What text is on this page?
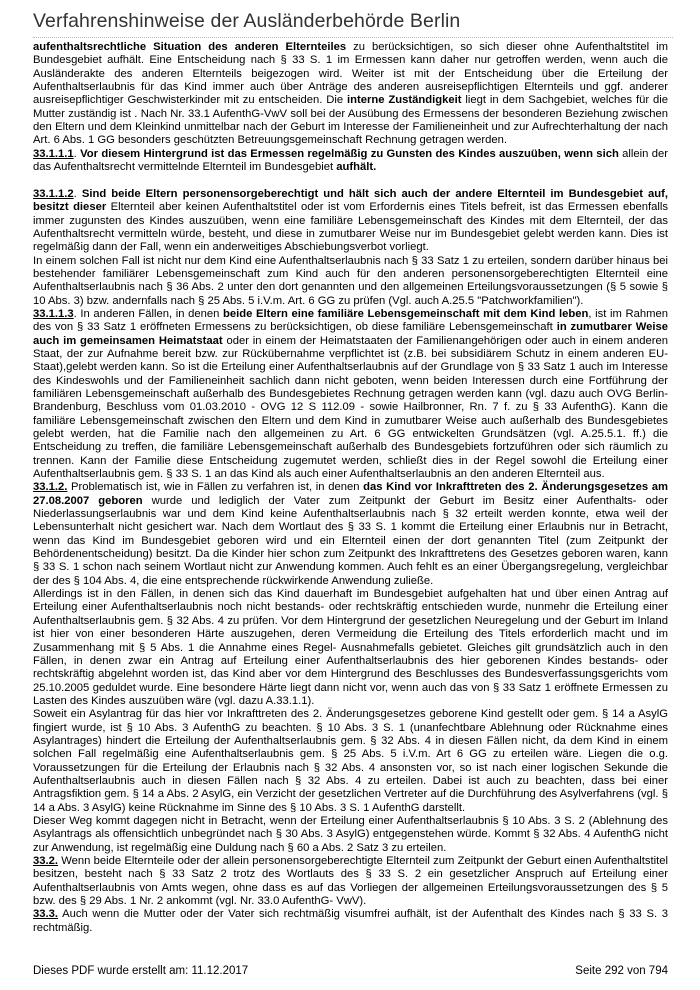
Verfahrenshinweise der Ausländerbehörde Berlin

aufenthaltsrechtliche Situation des anderen Elternteiles zu berücksichtigen, so sich dieser ohne Aufenthaltstitel im Bundesgebiet aufhält. Eine Entscheidung nach § 33 S. 1 im Ermessen kann daher nur getroffen werden, wenn auch die Ausländerakte des anderen Elternteils beigezogen wird. Weiter ist mit der Entscheidung über die Erteilung der Aufenthaltserlaubnis für das Kind immer auch über Anträge des anderen ausreisepflichtigen Elternteils und ggf. anderer ausreisepflichtiger Geschwisterkinder mit zu entscheiden. Die interne Zuständigkeit liegt in dem Sachgebiet, welches für die Mutter zuständig ist . Nach Nr. 33.1 AufenthG-VwV soll bei der Ausübung des Ermessens der besonderen Beziehung zwischen den Eltern und dem Kleinkind unmittelbar nach der Geburt im Interesse der Familieneinheit und zur Aufrechterhaltung der nach Art. 6 Abs. 1 GG besonders geschützten Betreuungsgemeinschaft Rechnung getragen werden.

33.1.1.1. Vor diesem Hintergrund ist das Ermessen regelmäßig zu Gunsten des Kindes auszuüben, wenn sich allein der das Aufenthaltsrecht vermittelnde Elternteil im Bundesgebiet aufhält.

33.1.1.2. Sind beide Eltern personensorgeberechtigt und hält sich auch der andere Elternteil im Bundesgebiet auf, besitzt dieser Elternteil aber keinen Aufenthaltstitel oder ist vom Erfordernis eines Titels befreit, ist das Ermessen ebenfalls immer zugunsten des Kindes auszuüben, wenn eine familiäre Lebensgemeinschaft des Kindes mit dem Elternteil, der das Aufenthaltsrecht vermitteln würde, besteht, und diese in zumutbarer Weise nur im Bundesgebiet gelebt werden kann. Dies ist regelmäßig dann der Fall, wenn ein anderweitiges Abschiebungsverbot vorliegt.

In einem solchen Fall ist nicht nur dem Kind eine Aufenthaltserlaubnis nach § 33 Satz 1 zu erteilen, sondern darüber hinaus bei bestehender familiärer Lebensgemeinschaft zum Kind auch für den anderen personensorgeberechtigten Elternteil eine Aufenthaltserlaubnis nach § 36 Abs. 2 unter den dort genannten und den allgemeinen Erteilungsvoraussetzungen (§ 5 sowie § 10 Abs. 3) bzw. andernfalls nach § 25 Abs. 5 i.V.m. Art. 6 GG zu prüfen (Vgl. auch A.25.5 "Patchworkfamilien").

33.1.1.3. In anderen Fällen, in denen beide Eltern eine familiäre Lebensgemeinschaft mit dem Kind leben, ist im Rahmen des von § 33 Satz 1 eröffneten Ermessens zu berücksichtigen, ob diese familiäre Lebensgemeinschaft in zumutbarer Weise auch im gemeinsamen Heimatstaat oder in einem der Heimatstaaten der Familienangehörigen oder auch in einem anderen Staat, der zur Aufnahme bereit bzw. zur Rückübernahme verpflichtet ist (z.B. bei subsidiärem Schutz in einem anderen EU-Staat),gelebt werden kann. So ist die Erteilung einer Aufenthaltserlaubnis auf der Grundlage von § 33 Satz 1 auch im Interesse des Kindeswohls und der Familieneinheit sachlich dann nicht geboten, wenn beiden Interessen durch eine Fortführung der familiären Lebensgemeinschaft außerhalb des Bundesgebietes Rechnung getragen werden kann (vgl. dazu auch OVG Berlin-Brandenburg, Beschluss vom 01.03.2010 - OVG 12 S 112.09 - sowie Hailbronner, Rn. 7 f. zu § 33 AufenthG). Kann die familiäre Lebensgemeinschaft zwischen den Eltern und dem Kind in zumutbarer Weise auch außerhalb des Bundesgebietes gelebt werden, hat die Familie nach den allgemeinen zu Art. 6 GG entwickelten Grundsätzen (vgl. A.25.5.1. ff.) die Entscheidung zu treffen, die familiäre Lebensgemeinschaft außerhalb des Bundesgebiets fortzuführen oder sich räumlich zu trennen. Kann der Familie diese Entscheidung zugemutet werden, schließt dies in der Regel sowohl die Erteilung einer Aufenthaltserlaubnis gem. § 33 S. 1 an das Kind als auch einer Aufenthaltserlaubnis an den anderen Elternteil aus.

33.1.2. Problematisch ist, wie in Fällen zu verfahren ist, in denen das Kind vor Inkrafttreten des 2. Änderungsgesetzes am 27.08.2007 geboren wurde und lediglich der Vater zum Zeitpunkt der Geburt im Besitz einer Aufenthalts- oder Niederlassungserlaubnis war und dem Kind keine Aufenthaltserlaubnis nach § 32 erteilt werden konnte, etwa weil der Lebensunterhalt nicht gesichert war. Nach dem Wortlaut des § 33 S. 1 kommt die Erteilung einer Erlaubnis nur in Betracht, wenn das Kind im Bundesgebiet geboren wird und ein Elternteil einen der dort genannten Titel (zum Zeitpunkt der Behördenentscheidung) besitzt. Da die Kinder hier schon zum Zeitpunkt des Inkrafttretens des Gesetzes geboren waren, kann § 33 S. 1 schon nach seinem Wortlaut nicht zur Anwendung kommen. Auch fehlt es an einer Übergangsregelung, vergleichbar der des § 104 Abs. 4, die eine entsprechende rückwirkende Anwendung zuließe.

Allerdings ist in den Fällen, in denen sich das Kind dauerhaft im Bundesgebiet aufgehalten hat und über einen Antrag auf Erteilung einer Aufenthaltserlaubnis noch nicht bestands- oder rechtskräftig entschieden wurde, nunmehr die Erteilung einer Aufenthaltserlaubnis gem. § 32 Abs. 4 zu prüfen. Vor dem Hintergrund der gesetzlichen Neuregelung und der Geburt im Inland ist hier von einer besonderen Härte auszugehen, deren Vermeidung die Erteilung des Titels erforderlich macht und im Zusammenhang mit § 5 Abs. 1 die Annahme eines Regel- Ausnahmefalls gebietet. Gleiches gilt grundsätzlich auch in den Fällen, in denen zwar ein Antrag auf Erteilung einer Aufenthaltserlaubnis des hier geborenen Kindes bestands- oder rechtskräftig abgelehnt worden ist, das Kind aber vor dem Hintergrund des Beschlusses des Bundesverfassungsgerichts vom 25.10.2005 geduldet wurde. Eine besondere Härte liegt dann nicht vor, wenn auch das von § 33 Satz 1 eröffnete Ermessen zu Lasten des Kindes auszuüben wäre (vgl. dazu A.33.1.1).

Soweit ein Asylantrag für das hier vor Inkrafttreten des 2. Änderungsgesetzes geborene Kind gestellt oder gem. § 14 a AsylG fingiert wurde, ist § 10 Abs. 3 AufenthG zu beachten. § 10 Abs. 3 S. 1 (unanfechtbare Ablehnung oder Rücknahme eines Asylantrages) hindert die Erteilung der Aufenthaltserlaubnis gem. § 32 Abs. 4 in diesen Fällen nicht, da dem Kind in einem solchen Fall regelmäßig eine Aufenthaltserlaubnis gem. § 25 Abs. 5 i.V.m. Art 6 GG zu erteilen wäre. Liegen die o.g. Voraussetzungen für die Erteilung der Erlaubnis nach § 32 Abs. 4 ansonsten vor, so ist nach einer logischen Sekunde die Aufenthaltserlaubnis auch in diesen Fällen nach § 32 Abs. 4 zu erteilen. Dabei ist auch zu beachten, dass bei einer Antragsfiktion gem. § 14 a Abs. 2 AsylG, ein Verzicht der gesetzlichen Vertreter auf die Durchführung des Asylverfahrens (vgl. § 14 a Abs. 3 AsylG) keine Rücknahme im Sinne des § 10 Abs. 3 S. 1 AufenthG darstellt.

Dieser Weg kommt dagegen nicht in Betracht, wenn der Erteilung einer Aufenthaltserlaubnis § 10 Abs. 3 S. 2 (Ablehnung des Asylantrags als offensichtlich unbegründet nach § 30 Abs. 3 AsylG) entgegenstehen würde. Kommt § 32 Abs. 4 AufenthG nicht zur Anwendung, ist regelmäßig eine Duldung nach § 60 a Abs. 2 Satz 3 zu erteilen.

33.2. Wenn beide Elternteile oder der allein personensorgeberechtigte Elternteil zum Zeitpunkt der Geburt einen Aufenthaltstitel besitzen, besteht nach § 33 Satz 2 trotz des Wortlauts des § 33 S. 2 ein gesetzlicher Anspruch auf Erteilung einer Aufenthaltserlaubnis von Amts wegen, ohne dass es auf das Vorliegen der allgemeinen Erteilungsvoraussetzungen des § 5 bzw. des § 29 Abs. 1 Nr. 2 ankommt (vgl. Nr. 33.0 AufenthG- VwV).

33.3. Auch wenn die Mutter oder der Vater sich rechtmäßig visumfrei aufhält, ist der Aufenthalt des Kindes nach § 33 S. 3 rechtmäßig.

Dieses PDF wurde erstellt am: 11.12.2017	Seite 292 von 794
